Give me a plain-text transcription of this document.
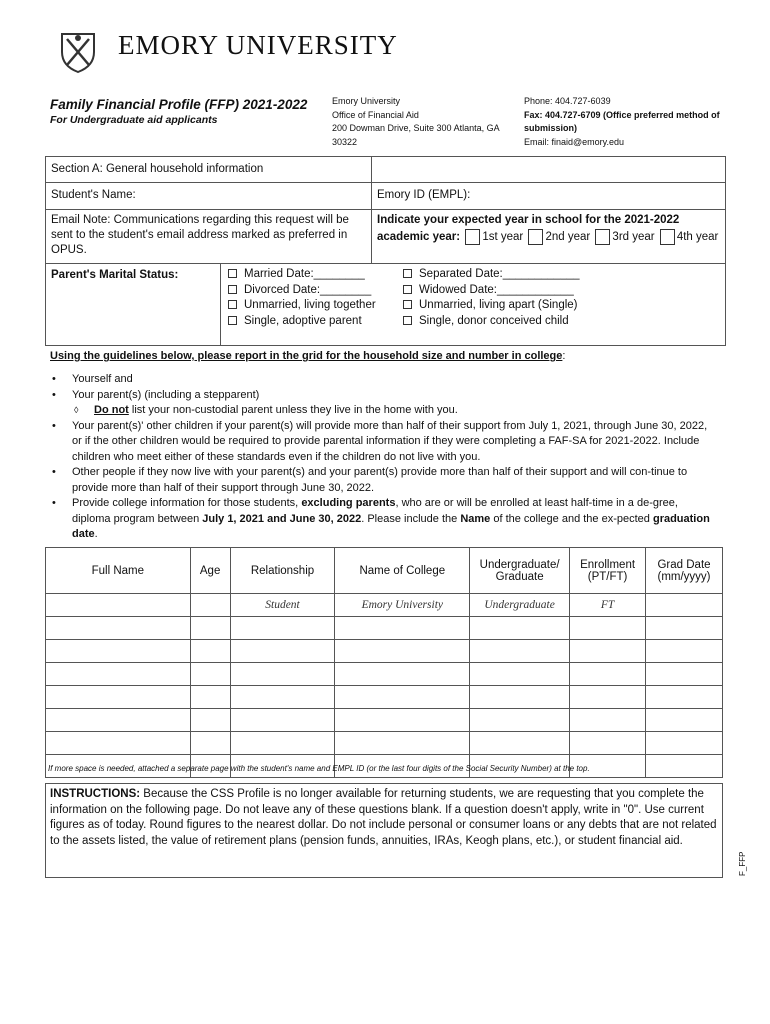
EMORY UNIVERSITY
Family Financial Profile (FFP) 2021-2022
For Undergraduate aid applicants
Emory University
Office of Financial Aid
200 Dowman Drive, Suite 300 Atlanta, GA
30322
Phone: 404.727-6039
Fax: 404.727-6709 (Office preferred method of
submission)
Email: finaid@emory.edu
Section A: General household information
Student's Name:	Emory ID (EMPL):
Email Note: Communications regarding this request will be
sent to the student's email address marked as preferred in
OPUS.
Indicate your expected year in school for the 2021-2022
academic year: 1st year 2nd year 3rd year 4th year
Parent's Marital Status:	Married Date:________
Divorced Date:________
Unmarried, living together
Single, adoptive parent
Separated Date:____________
Widowed Date:____________
Unmarried, living apart (Single)
Single, donor conceived child
Using the guidelines below, please report in the grid for the household size and number in college:
• Yourself and
• Your parent(s) (including a stepparent)
◊ Do not list your non-custodial parent unless they live in the home with you.
• Your parent(s)' other children if your parent(s) will provide more than half of their support from July 1, 2021, through June 30, 2022, or if the other children would be required to provide parental information if they were completing a FAF-SA for 2021-2022. Include children who meet either of these standards even if the children do not live with you.
• Other people if they now live with your parent(s) and your parent(s) provide more than half of their support and will con-tinue to provide more than half of their support through June 30, 2022.
• Provide college information for those students, excluding parents, who are or will be enrolled at least half-time in a de-gree, diploma program between July 1, 2021 and June 30, 2022. Please include the Name of the college and the ex-pected graduation date.
Full Name	Age	Relationship	Name of College	Undergraduate/ Graduate	Enrollment (PT/FT)	Grad Date (mm/yyyy)
		Student	Emory University	Undergraduate	FT	

If more space is needed, attached a separate page with the student's name and EMPL ID (or the last four digits of the Social Security Number) at the top.
INSTRUCTIONS: Because the CSS Profile is no longer available for returning students, we are requesting that you complete the information on the following page. Do not leave any of these questions blank. If a question doesn't apply, write in "0". Use current figures as of today. Round figures to the nearest dollar. Do not include personal or consumer loans or any debts that are not related to the assets listed, the value of retirement plans (pension funds, annuities, IRAs, Keogh plans, etc.), or student financial aid.
F_FFP
